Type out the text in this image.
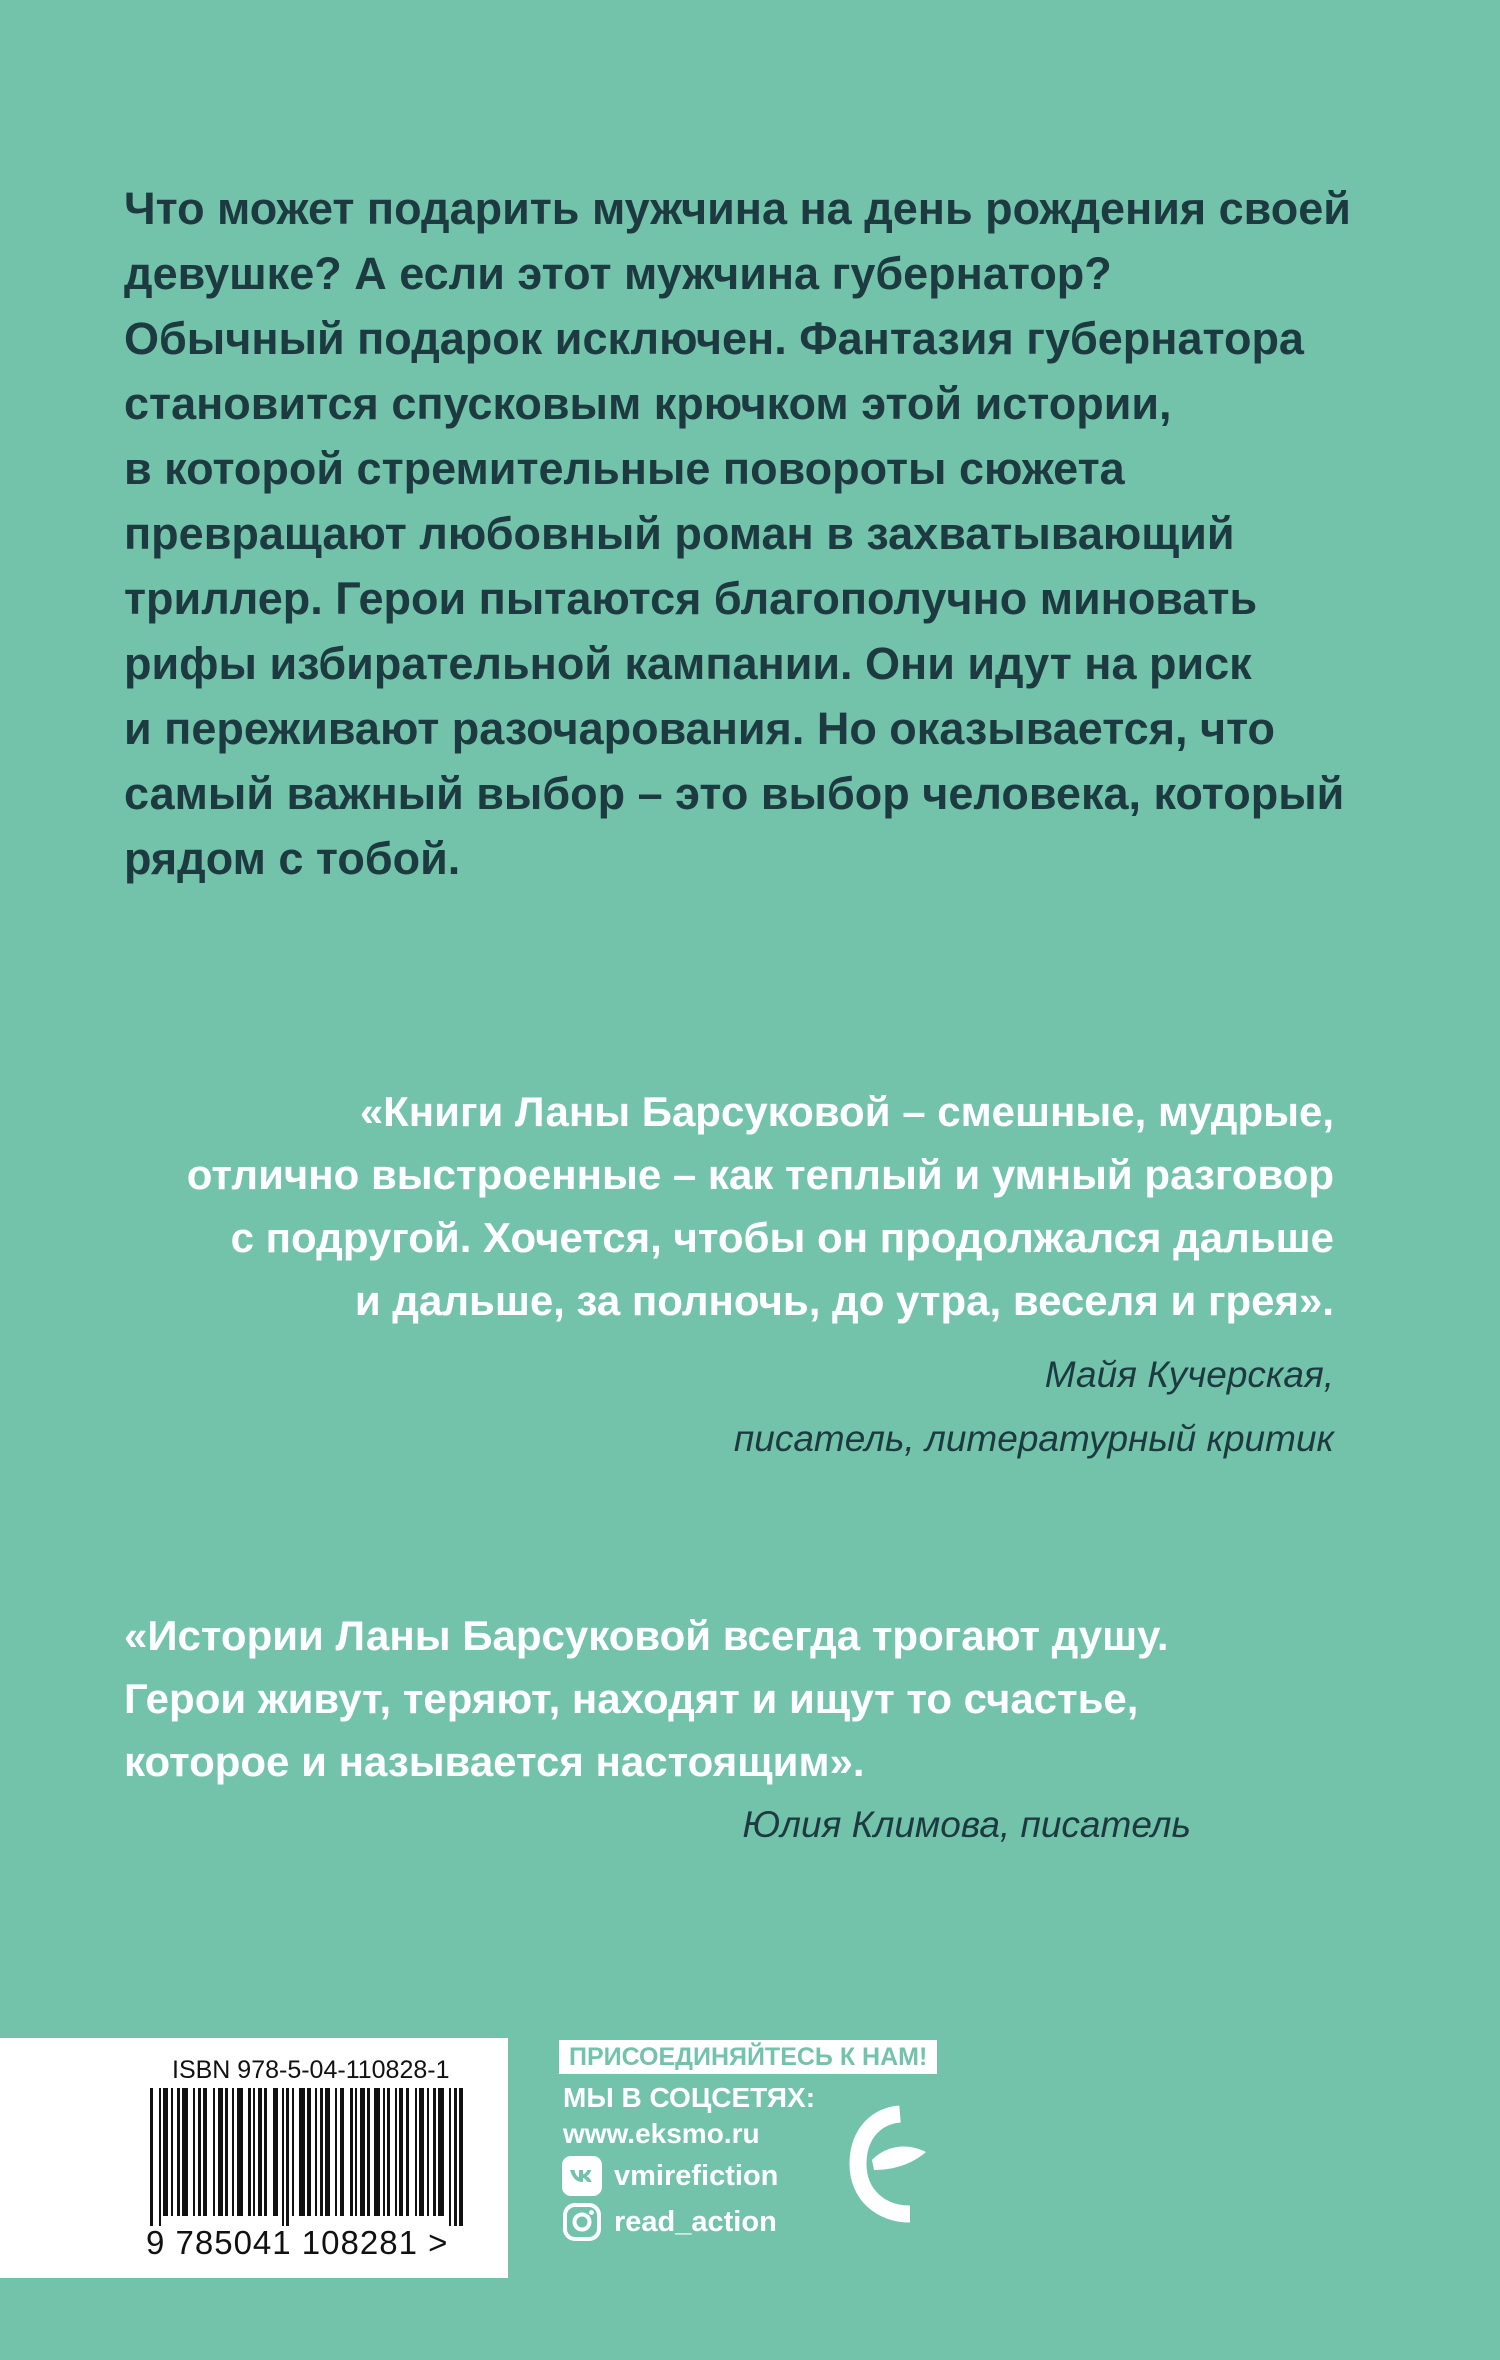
Что может подарить мужчина на день рождения своей
девушке? А если этот мужчина губернатор?
Обычный подарок исключен. Фантазия губернатора
становится спусковым крючком этой истории,
в которой стремительные повороты сюжета
превращают любовный роман в захватывающий
триллер. Герои пытаются благополучно миновать
рифы избирательной кампании. Они идут на риск
и переживают разочарования. Но оказывается, что
самый важный выбор – это выбор человека, который
рядом с тобой.
«Книги Ланы Барсуковой – смешные, мудрые,
отлично выстроенные – как теплый и умный разговор
с подругой. Хочется, чтобы он продолжался дальше
и дальше, за полночь, до утра, веселя и грея».
Майя Кучерская,
писатель, литературный критик
«Истории Ланы Барсуковой всегда трогают душу.
Герои живут, теряют, находят и ищут то счастье,
которое и называется настоящим».
Юлия Климова, писатель
ISBN 978-5-04-110828-1
9 785041 108281 >
ПРИСОЕДИНЯЙТЕСЬ К НАМ!
МЫ В СОЦСЕТЯХ:
www.eksmo.ru
vmirefiction
read_action
